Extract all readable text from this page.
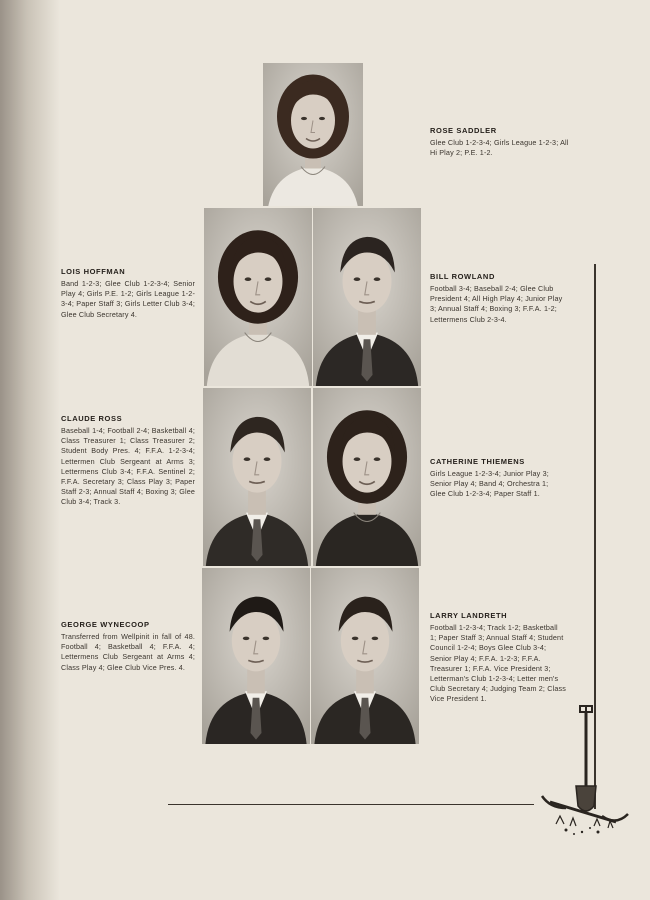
ROSE SADDLER
Glee Club 1-2-3-4; Girls League 1-2-3; All Hi Play 2; P.E. 1-2.
LOIS HOFFMAN
Band 1-2-3; Glee Club 1-2-3-4; Senior Play 4; Girls P.E. 1-2; Girls League 1-2-3-4; Paper Staff 3; Girls Letter Club 3-4; Glee Club Secretary 4.
BILL ROWLAND
Football 3-4; Baseball 2-4; Glee Club President 4; All High Play 4; Junior Play 3; Annual Staff 4; Boxing 3; F.F.A. 1-2; Lettermens Club 2-3-4.
CLAUDE ROSS
Baseball 1-4; Football 2-4; Basketball 4; Class Treasurer 1; Class Treasurer 2; Student Body Pres. 4; F.F.A. 1-2-3-4; Lettermen Club Sergeant at Arms 3; Lettermens Club 3-4; F.F.A. Sentinel 2; F.F.A. Secretary 3; Class Play 3; Paper Staff 2-3; Annual Staff 4; Boxing 3; Glee Club 3-4; Track 3.
CATHERINE THIEMENS
Girls League 1-2-3-4; Junior Play 3; Senior Play 4; Band 4; Orchestra 1; Glee Club 1-2-3-4; Paper Staff 1.
GEORGE WYNECOOP
Transferred from Wellpinit in fall of 48. Football 4; Basketball 4; F.F.A. 4; Lettermens Club Sergeant at Arms 4; Class Play 4; Glee Club Vice Pres. 4.
LARRY LANDRETH
Football 1-2-3-4; Track 1-2; Basketball 1; Paper Staff 3; Annual Staff 4; Student Council 1-2-4; Boys Glee Club 3-4; Senior Play 4; F.F.A. 1-2-3; F.F.A. Treasurer 1; F.F.A. Vice President 3; Letterman's Club 1-2-3-4; Letter men's Club Secretary 4; Judging Team 2; Class Vice President 1.
